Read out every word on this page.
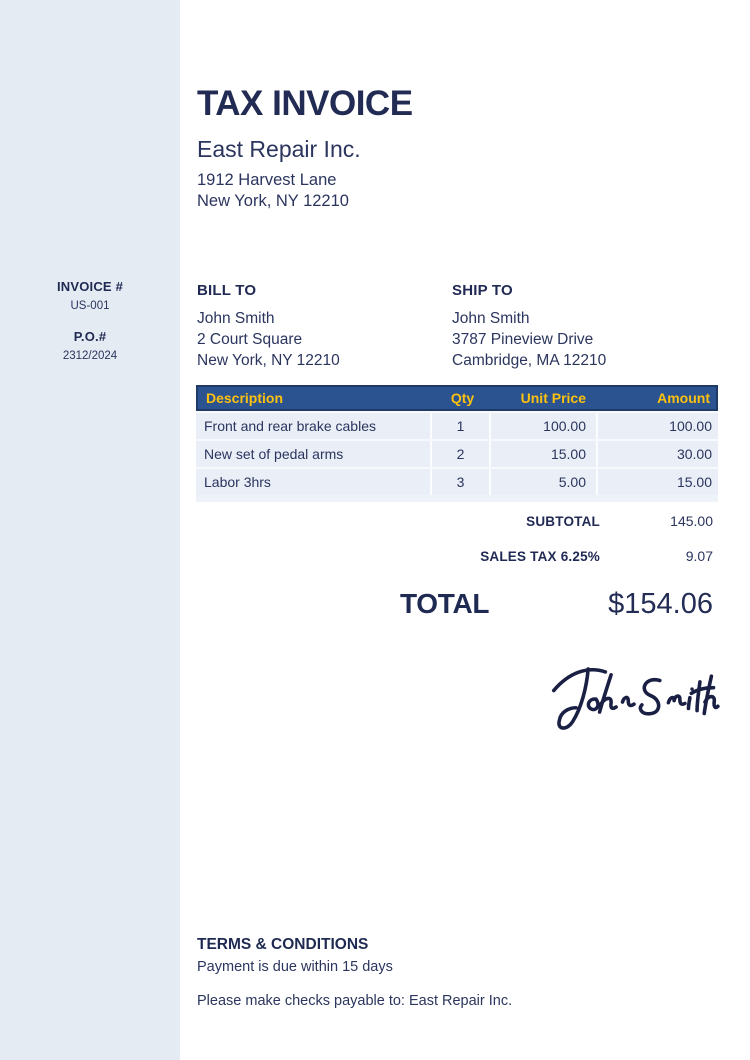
INVOICE #
US-001
P.O.#
2312/2024
TAX INVOICE
East Repair Inc.
1912 Harvest Lane
New York, NY 12210
BILL TO
John Smith
2 Court Square
New York, NY 12210
SHIP TO
John Smith
3787 Pineview Drive
Cambridge, MA 12210
Description	Qty	Unit Price	Amount
Front and rear brake cables	1	100.00	100.00
New set of pedal arms	2	15.00	30.00
Labor 3hrs	3	5.00	15.00
SUBTOTAL	145.00
SALES TAX 6.25%	9.07
TOTAL	$154.06
TERMS & CONDITIONS
Payment is due within 15 days
Please make checks payable to: East Repair Inc.
